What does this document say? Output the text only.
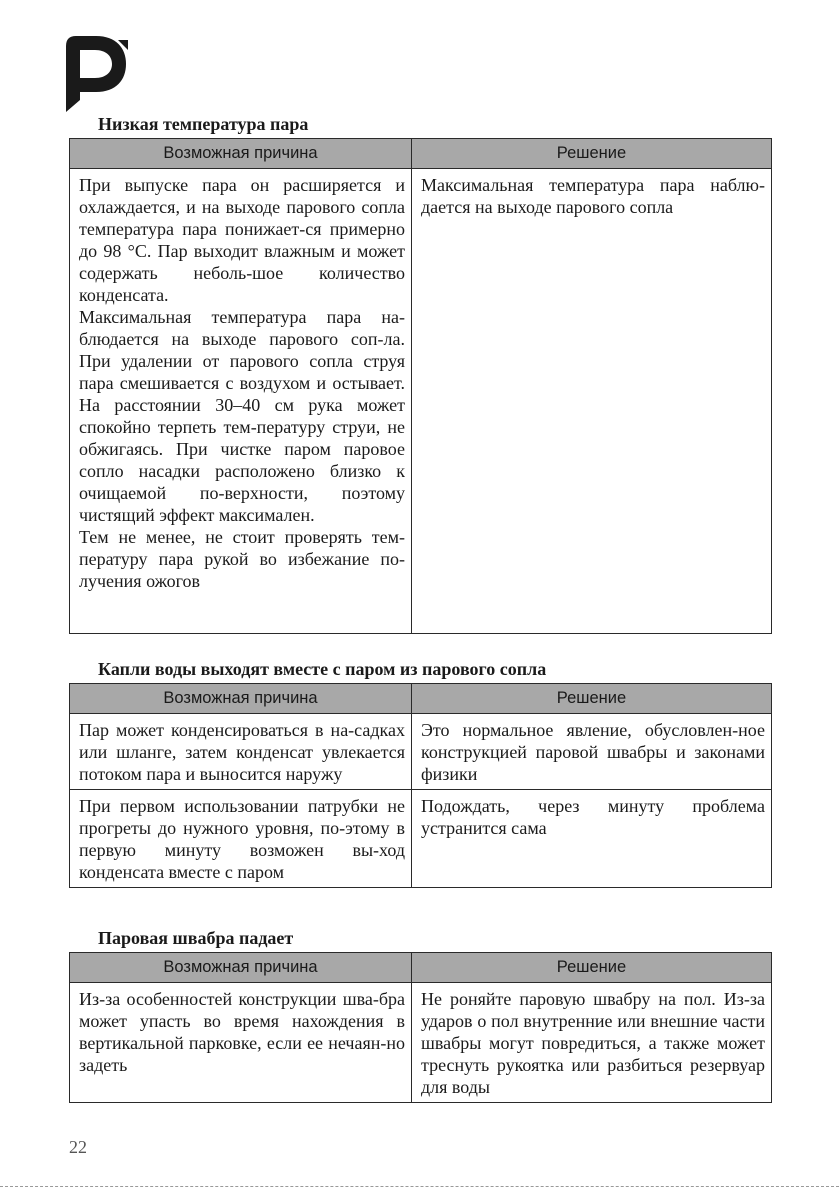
Низкая температура пара
Возможная причина	Решение

При выпуске пара он расширяется и охлаждается, и на выходе парового сопла температура пара понижает-ся примерно до 98 °С. Пар выходит влажным и может содержать неболь-шое количество конденсата.
Максимальная температура пара на-блюдается на выходе парового соп-ла. При удалении от парового сопла струя пара смешивается с воздухом и остывает. На расстоянии 30–40 см рука может спокойно терпеть тем-пературу струи, не обжигаясь. При чистке паром паровое сопло насадки расположено близко к очищаемой по-верхности, поэтому чистящий эффект максимален.
Тем не менее, не стоит проверять тем-пературу пара рукой во избежание по-лучения ожогов	Максимальная температура пара наблю-дается на выходе парового сопла
Капли воды выходят вместе с паром из парового сопла
Возможная причина	Решение

Пар может конденсироваться в на-садках или шланге, затем конденсат увлекается потоком пара и выносится наружу	Это нормальное явление, обусловлен-ное конструкцией паровой швабры и законами физики

При первом использовании патрубки не прогреты до нужного уровня, по-этому в первую минуту возможен вы-ход конденсата вместе с паром	Подождать, через минуту проблема устранится сама
Паровая швабра падает
Возможная причина	Решение

Из-за особенностей конструкции шва-бра может упасть во время нахождения в вертикальной парковке, если ее нечаян-но задеть	Не роняйте паровую швабру на пол. Из-за ударов о пол внутренние или внешние части швабры могут повредиться, а также может треснуть рукоятка или разбиться резервуар для воды
22
